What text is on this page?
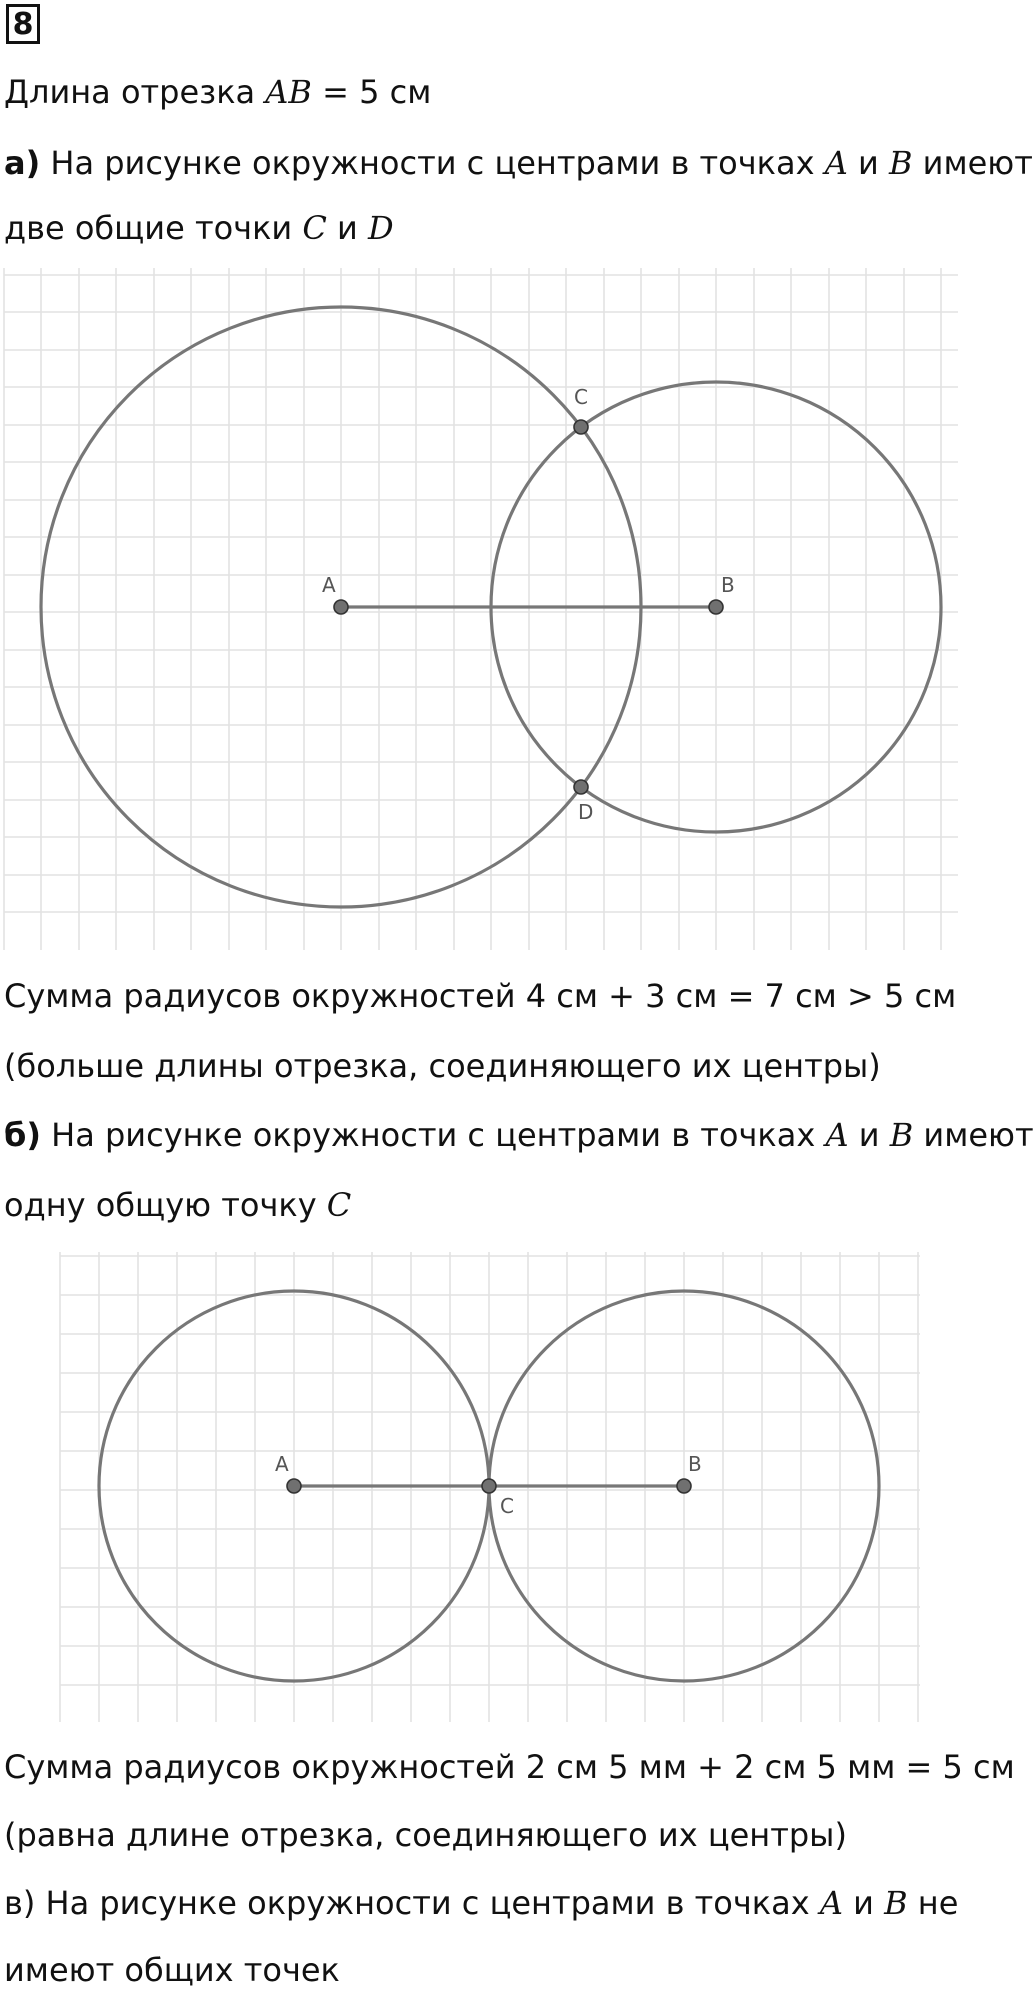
8
Длина отрезка AB = 5 см
а) На рисунке окружности с центрами в точках A и B имеют
две общие точки C и D
A	B
C
D
Сумма радиусов окружностей 4 см + 3 см = 7 см > 5 см
(больше длины отрезка, соединяющего их центры)
б) На рисунке окружности с центрами в точках A и B имеют
одну общую точку C
A	B
C
Сумма радиусов окружностей 2 см 5 мм + 2 см 5 мм = 5 см
(равна длине отрезка, соединяющего их центры)
в) На рисунке окружности с центрами в точках A и B не
имеют общих точек
